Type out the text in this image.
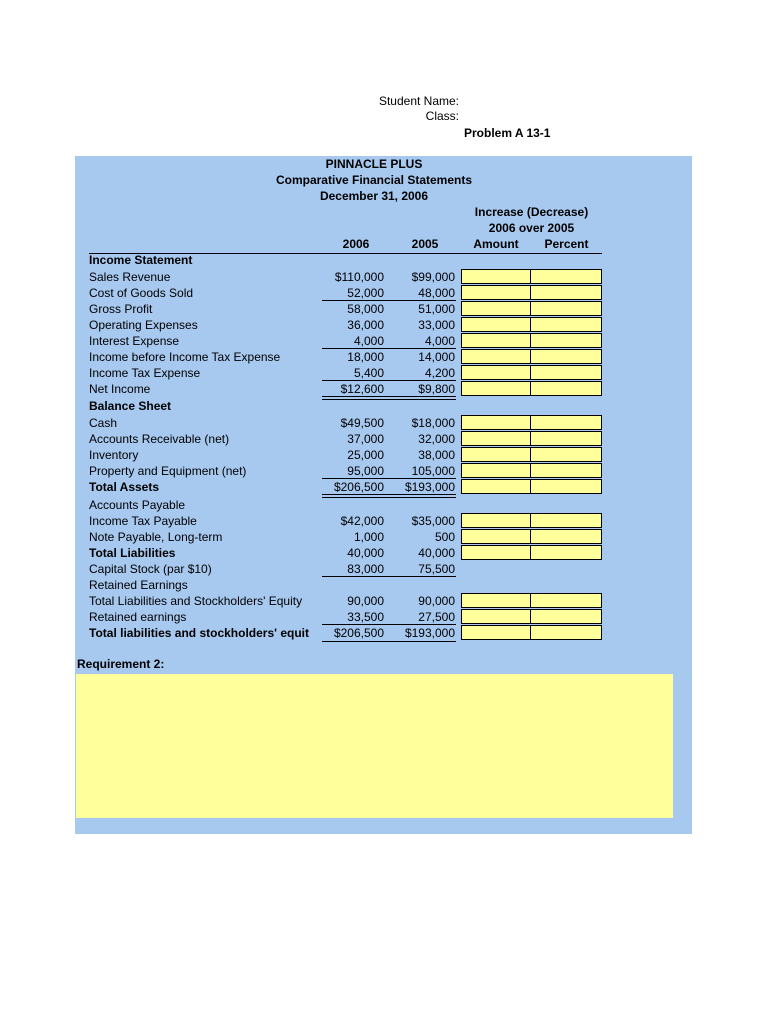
Student Name:
Class:
Problem A 13-1
PINNACLE PLUS
Comparative Financial Statements
December 31, 2006
Increase (Decrease)
2006 over 2005
2006	2005	Amount	Percent
Income Statement
Sales Revenue	$110,000	$99,000
Cost of Goods Sold	52,000	48,000
Gross Profit	58,000	51,000
Operating Expenses	36,000	33,000
Interest Expense	4,000	4,000
Income before Income Tax Expense	18,000	14,000
Income Tax Expense	5,400	4,200
Net Income	$12,600	$9,800
Balance Sheet
Cash	$49,500	$18,000
Accounts Receivable (net)	37,000	32,000
Inventory	25,000	38,000
Property and Equipment (net)	95,000	105,000
Total Assets	$206,500	$193,000
Accounts Payable
Income Tax Payable	$42,000	$35,000
Note Payable, Long-term	1,000	500
Total Liabilities	40,000	40,000
Capital Stock (par $10)	83,000	75,500
Retained Earnings
Total Liabilities and Stockholders' Equity	90,000	90,000
Retained earnings	33,500	27,500
Total liabilities and stockholders' equit	$206,500	$193,000
Requirement 2:
